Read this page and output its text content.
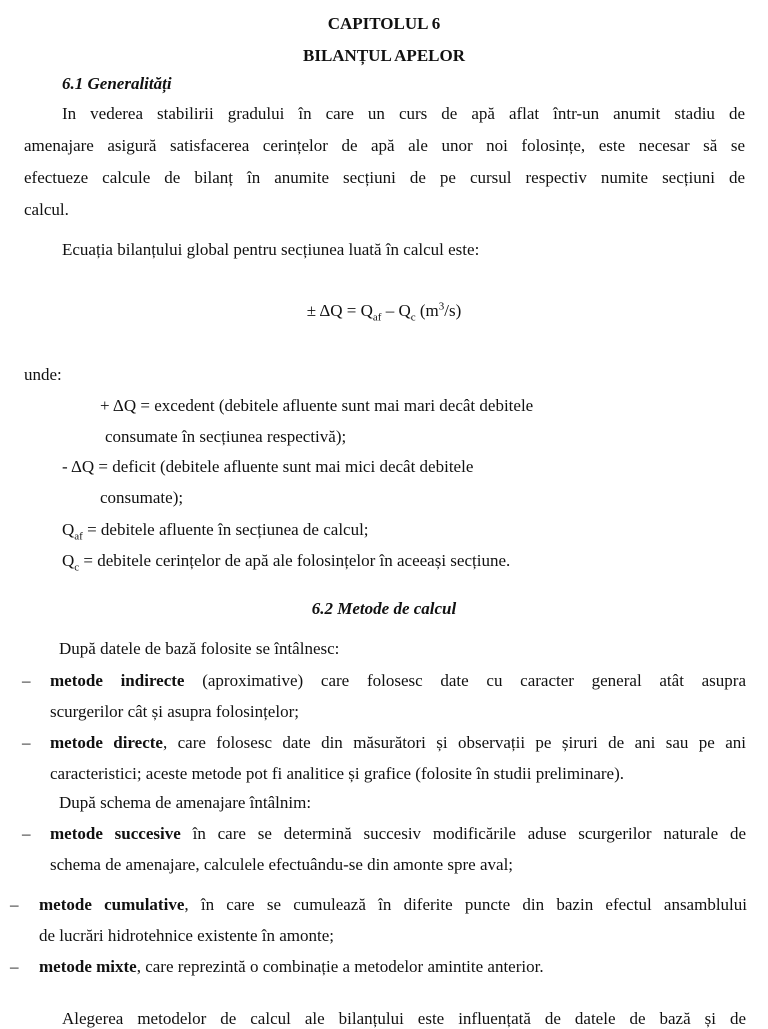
CAPITOLUL 6
BILANȚUL APELOR
6.1 Generalități
In vederea stabilirii gradului în care un curs de apă aflat într-un anumit stadiu de
amenajare asigură satisfacerea cerințelor de apă ale unor noi folosințe, este necesar să se
efectueze calcule de bilanț în anumite secțiuni de pe cursul respectiv numite secțiuni de
calcul.
Ecuația bilanțului global pentru secțiunea luată în calcul este:
± $\Delta Q = Q_{af} - Q_c$ $(m^3/s)$
unde:
+ ΔQ = excedent (debitele afluente sunt mai mari decât debitele
consumate în secțiunea respectivă);
- ΔQ = deficit (debitele afluente sunt mai mici decât debitele
consumate);
$Q_{af}$ = debitele afluente în secțiunea de calcul;
$Q_c$ = debitele cerințelor de apă ale folosințelor în aceeași secțiune.
6.2 Metode de calcul
După datele de bază folosite se întâlnesc:
– metode indirecte (aproximative) care folosesc date cu caracter general atât asupra
scurgerilor cât și asupra folosințelor;
– metode directe, care folosesc date din măsurători și observații pe șiruri de ani sau pe ani
caracteristici; aceste metode pot fi analitice și grafice (folosite în studii preliminare).
După schema de amenajare întâlnim:
– metode succesive în care se determină succesiv modificările aduse scurgerilor naturale de
schema de amenajare, calculele efectuându-se din amonte spre aval;
– metode cumulative, în care se cumulează în diferite puncte din bazin efectul ansamblului
de lucrări hidrotehnice existente în amonte;
– metode mixte, care reprezintă o combinație a metodelor amintite anterior.
Alegerea metodelor de calcul ale bilanțului este influențată de datele de bază și de
